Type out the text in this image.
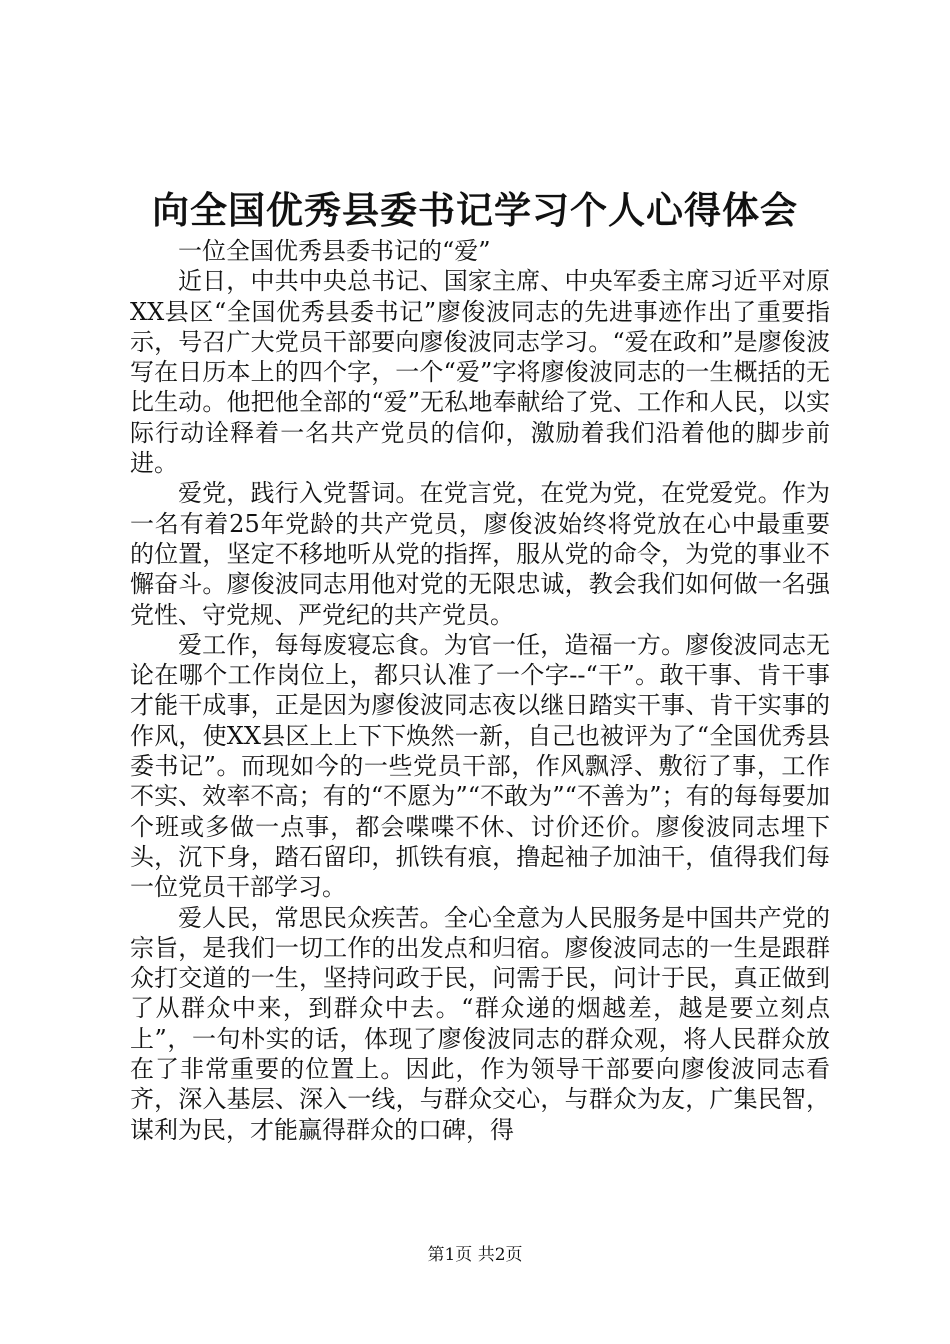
向全国优秀县委书记学习个人心得体会

一位全国优秀县委书记的“爱”

近日，中共中央总书记、国家主席、中央军委主席习近平对原XX县区“全国优秀县委书记”廖俊波同志的先进事迹作出了重要指示，号召广大党员干部要向廖俊波同志学习。“爱在政和”是廖俊波写在日历本上的四个字，一个“爱”字将廖俊波同志的一生概括的无比生动。他把他全部的“爱”无私地奉献给了党、工作和人民，以实际行动诠释着一名共产党员的信仰，激励着我们沿着他的脚步前进。

爱党，践行入党誓词。在党言党，在党为党，在党爱党。作为一名有着25年党龄的共产党员，廖俊波始终将党放在心中最重要的位置，坚定不移地听从党的指挥，服从党的命令，为党的事业不懈奋斗。廖俊波同志用他对党的无限忠诚，教会我们如何做一名强党性、守党规、严党纪的共产党员。

爱工作，每每废寝忘食。为官一任，造福一方。廖俊波同志无论在哪个工作岗位上，都只认准了一个字--“干”。敢干事、肯干事才能干成事，正是因为廖俊波同志夜以继日踏实干事、肯干实事的作风，使XX县区上上下下焕然一新，自己也被评为了“全国优秀县委书记”。而现如今的一些党员干部，作风飘浮、敷衍了事，工作不实、效率不高；有的“不愿为”“不敢为”“不善为”；有的每每要加个班或多做一点事，都会喋喋不休、讨价还价。廖俊波同志埋下头，沉下身，踏石留印，抓铁有痕，撸起袖子加油干，值得我们每一位党员干部学习。

爱人民，常思民众疾苦。全心全意为人民服务是中国共产党的宗旨，是我们一切工作的出发点和归宿。廖俊波同志的一生是跟群众打交道的一生，坚持问政于民，问需于民，问计于民，真正做到了从群众中来，到群众中去。“群众递的烟越差，越是要立刻点上”，一句朴实的话，体现了廖俊波同志的群众观，将人民群众放在了非常重要的位置上。因此，作为领导干部要向廖俊波同志看齐，深入基层、深入一线，与群众交心，与群众为友，广集民智，谋利为民，才能赢得群众的口碑，得

第1页 共2页
